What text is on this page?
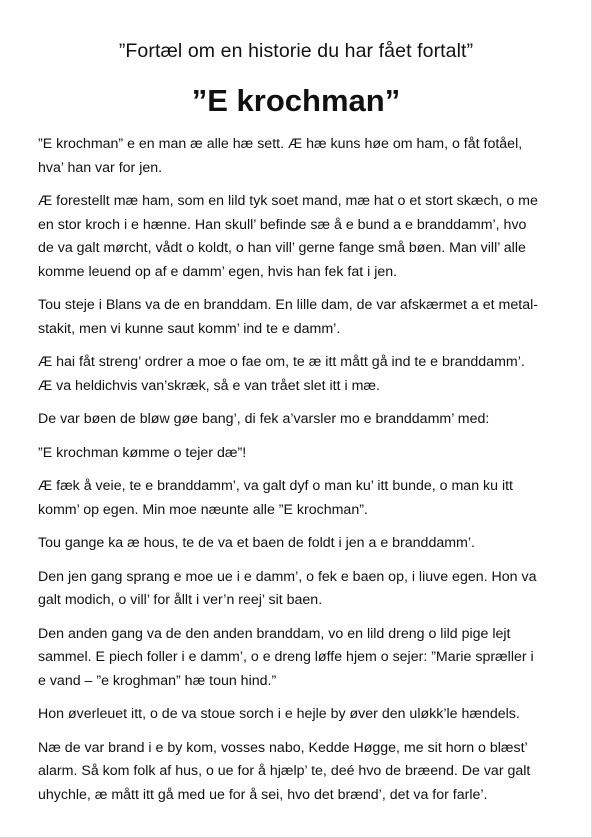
”Fortæl om en historie du har fået fortalt”
”E krochman”

”E krochman” e en man æ alle hæ sett. Æ hæ kuns høe om ham, o fåt fotåel,
hva’ han var for jen.

Æ forestellt mæ ham, som en lild tyk soet mand, mæ hat o et stort skæch, o me
en stor kroch i e hænne. Han skull’ befinde sæ å e bund a e branddamm’, hvo
de va galt mørcht, vådt o koldt, o han vill’ gerne fange små bøen. Man vill’ alle
komme leuend op af e damm’ egen, hvis han fek fat i jen.

Tou steje i Blans va de en branddam. En lille dam, de var afskærmet a et metal-
stakit, men vi kunne saut komm’ ind te e damm’.

Æ hai fåt streng’ ordrer a moe o fae om, te æ itt mått gå ind te e branddamm’.
Æ va heldichvis van’skræk, så e van trået slet itt i mæ.

De var bøen de bløw gøe bang’, di fek a’varsler mo e branddamm’ med:

”E krochman kømme o tejer dæ”!

Æ fæk å veie, te e branddamm’, va galt dyf o man ku’ itt bunde, o man ku itt
komm’ op egen. Min moe næunte alle ”E krochman”.

Tou gange ka æ hous, te de va et baen de foldt i jen a e branddamm’.

Den jen gang sprang e moe ue i e damm’, o fek e baen op, i liuve egen. Hon va
galt modich, o vill’ for ållt i ver’n reej’ sit baen.

Den anden gang va de den anden branddam, vo en lild dreng o lild pige lejt
sammel. E piech foller i e damm’, o e dreng løffe hjem o sejer: ”Marie spræller i
e vand – ”e kroghman” hæ toun hind.”

Hon øverleuet itt, o de va stoue sorch i e hejle by øver den uløkk’le hændels.

Næ de var brand i e by kom, vosses nabo, Kedde Høgge, me sit horn o blæst’
alarm. Så kom folk af hus, o ue for å hjælp’ te, deé hvo de bræend. De var galt
uhychle, æ mått itt gå med ue for å sei, hvo det brænd’, det va for farle’.
